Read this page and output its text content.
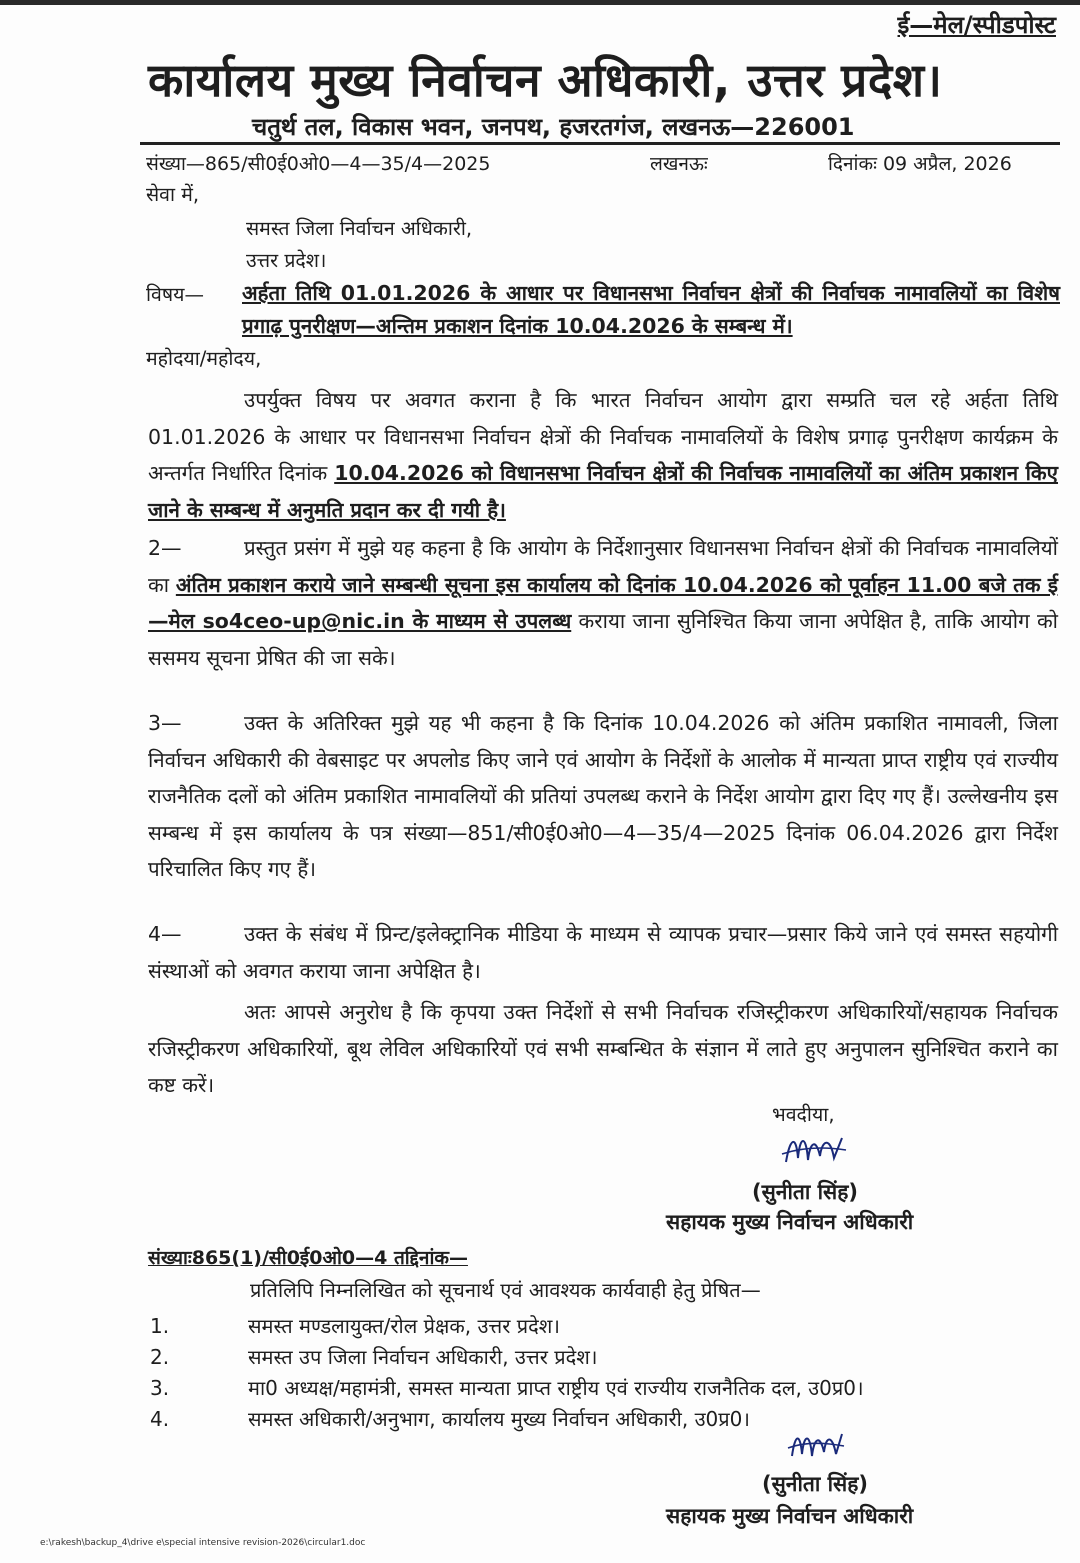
ई—मेल/स्पीडपोस्ट
कार्यालय मुख्य निर्वाचन अधिकारी, उत्तर प्रदेश।
चतुर्थ तल, विकास भवन, जनपथ, हजरतगंज, लखनऊ—226001
संख्या—865/सी0ई0ओ0—4—35/4—2025	लखनऊः	दिनांकः 09 अप्रैल, 2026
सेवा में,
समस्त जिला निर्वाचन अधिकारी,
उत्तर प्रदेश।
विषय— अर्हता तिथि 01.01.2026 के आधार पर विधानसभा निर्वाचन क्षेत्रों की निर्वाचक नामावलियों का विशेष प्रगाढ़ पुनरीक्षण—अन्तिम प्रकाशन दिनांक 10.04.2026 के सम्बन्ध में।
महोदया/महोदय,
उपर्युक्त विषय पर अवगत कराना है कि भारत निर्वाचन आयोग द्वारा सम्प्रति चल रहे अर्हता तिथि 01.01.2026 के आधार पर विधानसभा निर्वाचन क्षेत्रों की निर्वाचक नामावलियों के विशेष प्रगाढ़ पुनरीक्षण कार्यक्रम के अन्तर्गत निर्धारित दिनांक 10.04.2026 को विधानसभा निर्वाचन क्षेत्रों की निर्वाचक नामावलियों का अंतिम प्रकाशन किए जाने के सम्बन्ध में अनुमति प्रदान कर दी गयी है।
2—	प्रस्तुत प्रसंग में मुझे यह कहना है कि आयोग के निर्देशानुसार विधानसभा निर्वाचन क्षेत्रों की निर्वाचक नामावलियों का अंतिम प्रकाशन कराये जाने सम्बन्धी सूचना इस कार्यालय को दिनांक 10.04.2026 को पूर्वाहन 11.00 बजे तक ई—मेल so4ceo-up@nic.in के माध्यम से उपलब्ध कराया जाना सुनिश्चित किया जाना अपेक्षित है, ताकि आयोग को ससमय सूचना प्रेषित की जा सके।
3—	उक्त के अतिरिक्त मुझे यह भी कहना है कि दिनांक 10.04.2026 को अंतिम प्रकाशित नामावली, जिला निर्वाचन अधिकारी की वेबसाइट पर अपलोड किए जाने एवं आयोग के निर्देशों के आलोक में मान्यता प्राप्त राष्ट्रीय एवं राज्यीय राजनैतिक दलों को अंतिम प्रकाशित नामावलियों की प्रतियां उपलब्ध कराने के निर्देश आयोग द्वारा दिए गए हैं। उल्लेखनीय इस सम्बन्ध में इस कार्यालय के पत्र संख्या—851/सी0ई0ओ0—4—35/4—2025 दिनांक 06.04.2026 द्वारा निर्देश परिचालित किए गए हैं।
4—	उक्त के संबंध में प्रिन्ट/इलेक्ट्रानिक मीडिया के माध्यम से व्यापक प्रचार—प्रसार किये जाने एवं समस्त सहयोगी संस्थाओं को अवगत कराया जाना अपेक्षित है।
अतः आपसे अनुरोध है कि कृपया उक्त निर्देशों से सभी निर्वाचक रजिस्ट्रीकरण अधिकारियों/सहायक निर्वाचक रजिस्ट्रीकरण अधिकारियों, बूथ लेविल अधिकारियों एवं सभी सम्बन्धित के संज्ञान में लाते हुए अनुपालन सुनिश्चित कराने का कष्ट करें।
भवदीया,
(सुनीता सिंह)
सहायक मुख्य निर्वाचन अधिकारी
संख्याः865(1)/सी0ई0ओ0—4 तद्दिनांक—
प्रतिलिपि निम्नलिखित को सूचनार्थ एवं आवश्यक कार्यवाही हेतु प्रेषित—
1.	समस्त मण्डलायुक्त/रोल प्रेक्षक, उत्तर प्रदेश।
2.	समस्त उप जिला निर्वाचन अधिकारी, उत्तर प्रदेश।
3.	मा0 अध्यक्ष/महामंत्री, समस्त मान्यता प्राप्त राष्ट्रीय एवं राज्यीय राजनैतिक दल, उ0प्र0।
4.	समस्त अधिकारी/अनुभाग, कार्यालय मुख्य निर्वाचन अधिकारी, उ0प्र0।
(सुनीता सिंह)
सहायक मुख्य निर्वाचन अधिकारी
e:\rakesh\backup_4\drive e\special intensive revision-2026\circular1.doc
